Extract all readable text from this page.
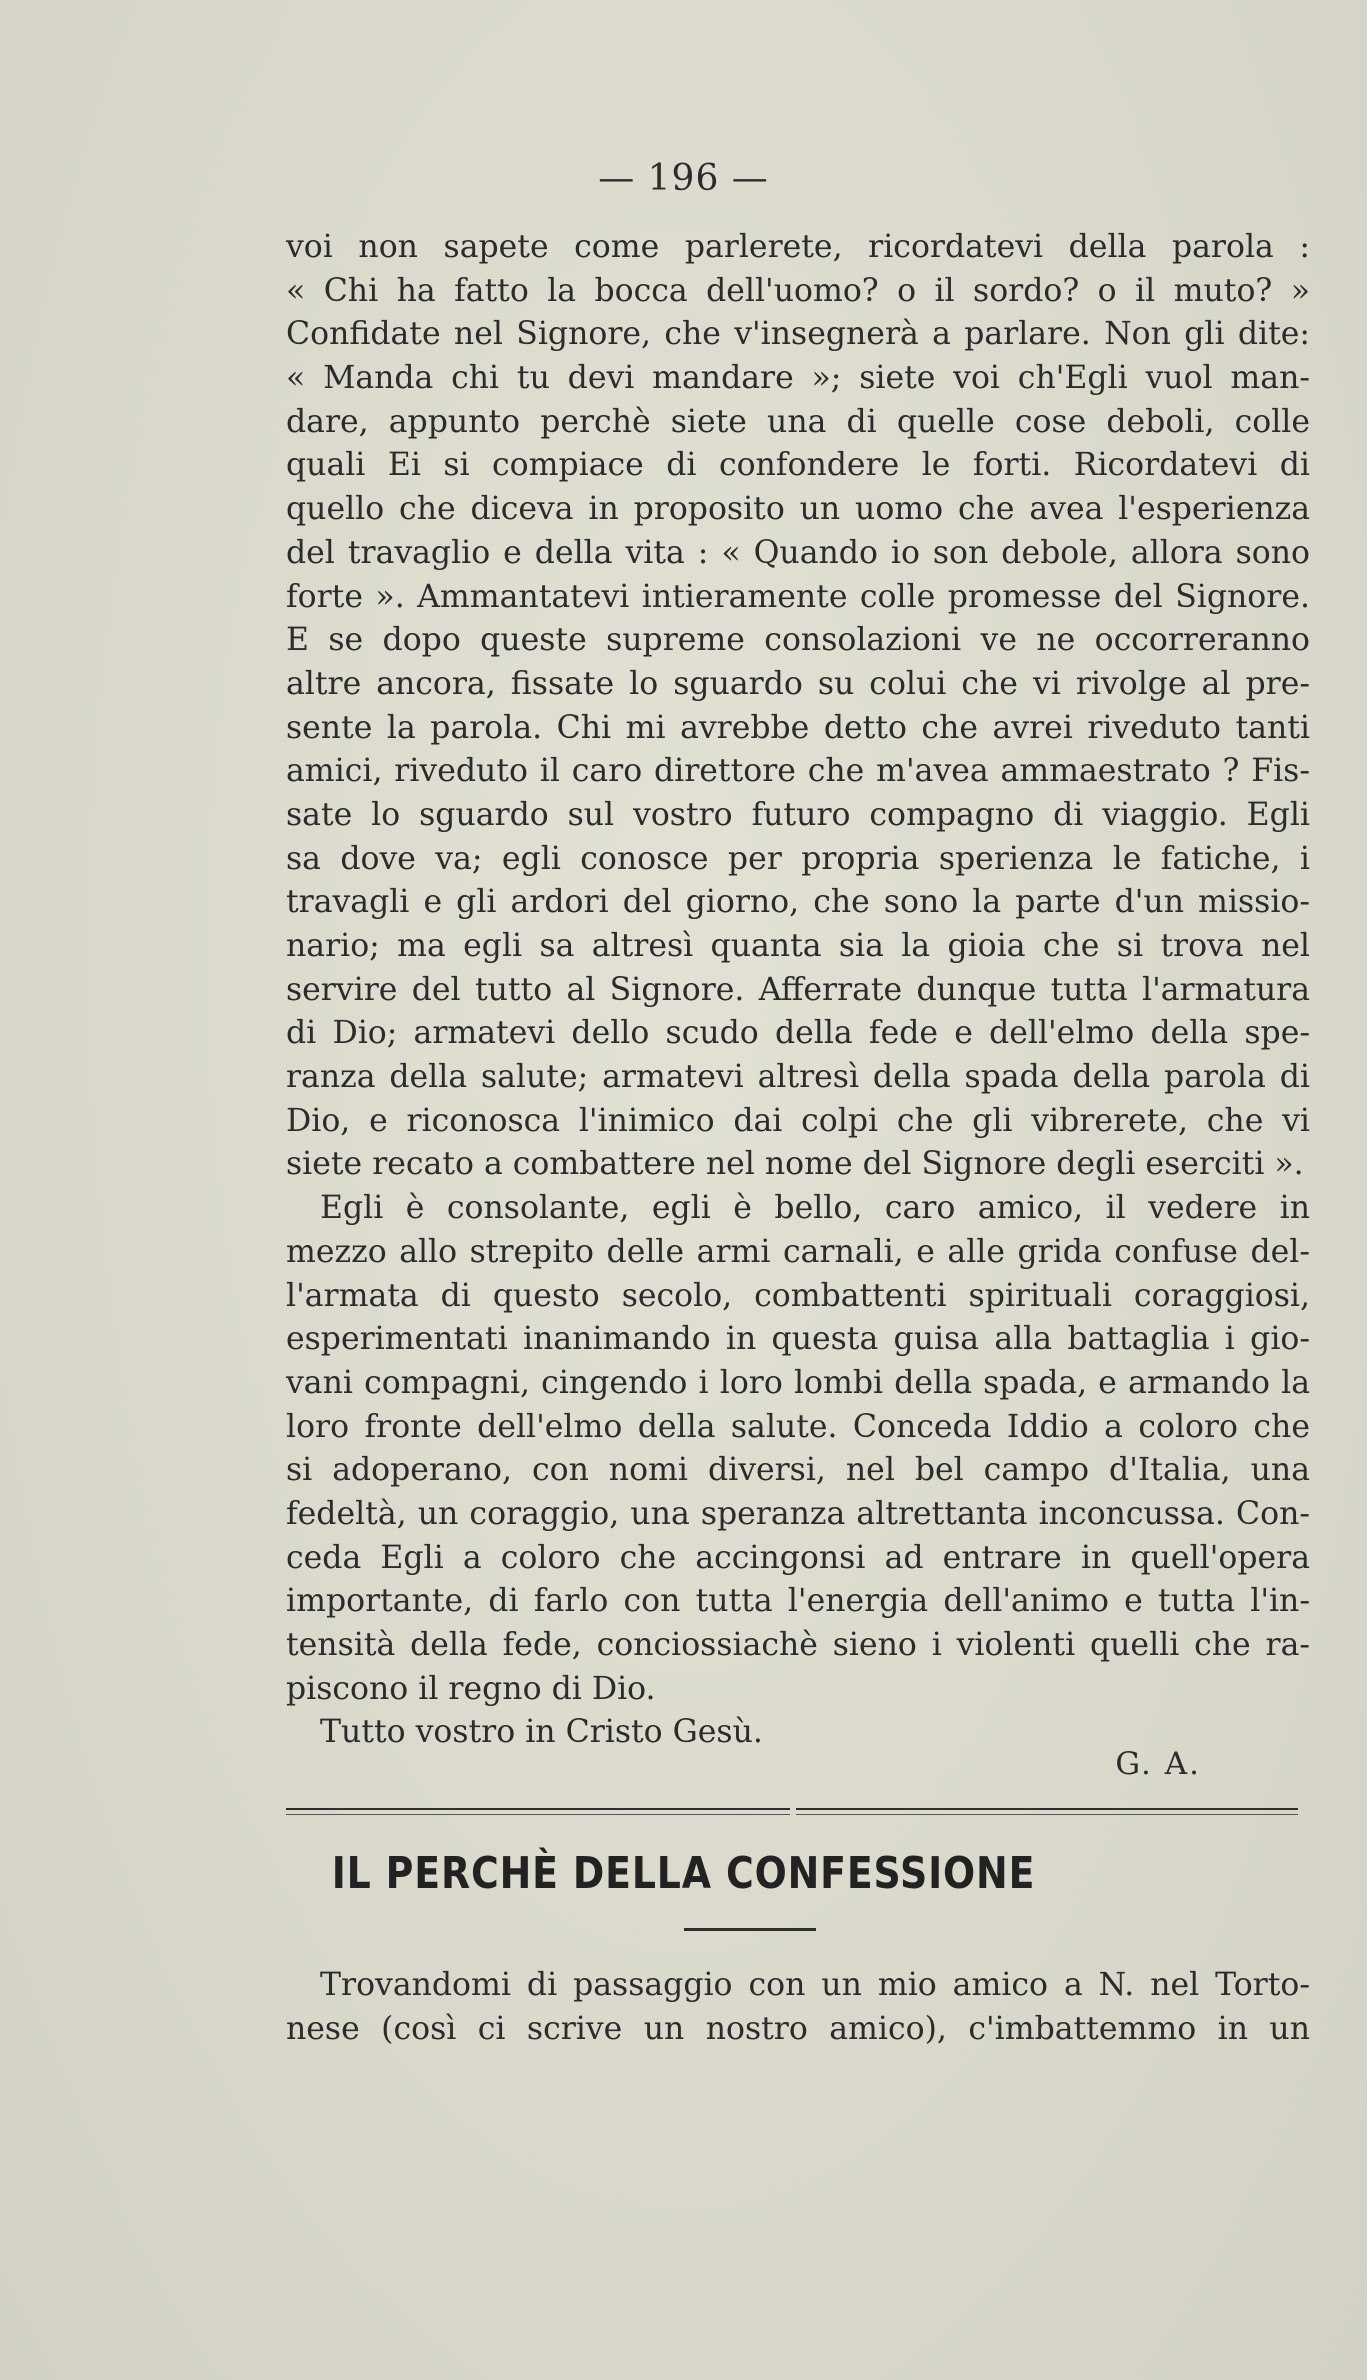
— 196 —
voi non sapete come parlerete, ricordatevi della parola :
« Chi ha fatto la bocca dell'uomo? o il sordo? o il muto? »
Confidate nel Signore, che v'insegnerà a parlare. Non gli dite:
« Manda chi tu devi mandare »; siete voi ch'Egli vuol man-
dare, appunto perchè siete una di quelle cose deboli, colle
quali Ei si compiace di confondere le forti. Ricordatevi di
quello che diceva in proposito un uomo che avea l'esperienza
del travaglio e della vita : « Quando io son debole, allora sono
forte ». Ammantatevi intieramente colle promesse del Signore.
E se dopo queste supreme consolazioni ve ne occorreranno
altre ancora, fissate lo sguardo su colui che vi rivolge al pre-
sente la parola. Chi mi avrebbe detto che avrei riveduto tanti
amici, riveduto il caro direttore che m'avea ammaestrato ? Fis-
sate lo sguardo sul vostro futuro compagno di viaggio. Egli
sa dove va; egli conosce per propria sperienza le fatiche, i
travagli e gli ardori del giorno, che sono la parte d'un missio-
nario; ma egli sa altresì quanta sia la gioia che si trova nel
servire del tutto al Signore. Afferrate dunque tutta l'armatura
di Dio; armatevi dello scudo della fede e dell'elmo della spe-
ranza della salute; armatevi altresì della spada della parola di
Dio, e riconosca l'inimico dai colpi che gli vibrerete, che vi
siete recato a combattere nel nome del Signore degli eserciti ».
Egli è consolante, egli è bello, caro amico, il vedere in
mezzo allo strepito delle armi carnali, e alle grida confuse del-
l'armata di questo secolo, combattenti spirituali coraggiosi,
esperimentati inanimando in questa guisa alla battaglia i gio-
vani compagni, cingendo i loro lombi della spada, e armando la
loro fronte dell'elmo della salute. Conceda Iddio a coloro che
si adoperano, con nomi diversi, nel bel campo d'Italia, una
fedeltà, un coraggio, una speranza altrettanta inconcussa. Con-
ceda Egli a coloro che accingonsi ad entrare in quell'opera
importante, di farlo con tutta l'energia dell'animo e tutta l'in-
tensità della fede, conciossiachè sieno i violenti quelli che ra-
piscono il regno di Dio.
Tutto vostro in Cristo Gesù.
G. A.
IL PERCHÈ DELLA CONFESSIONE
Trovandomi di passaggio con un mio amico a N. nel Torto-
nese (così ci scrive un nostro amico), c'imbattemmo in un
